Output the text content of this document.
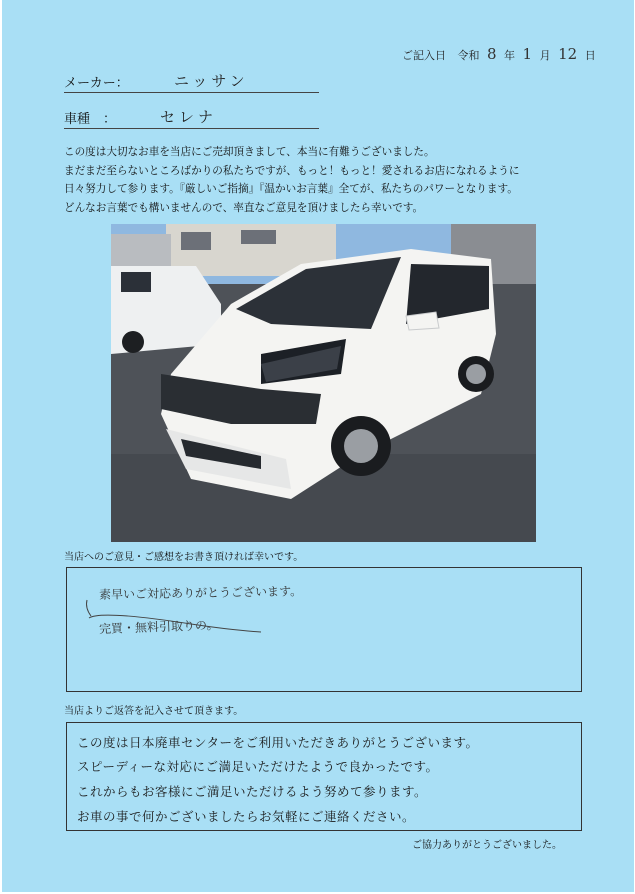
ご記入日 令和 8 年 1 月 12 日
メーカー：	ニッサン
車種　：	セレナ

この度は大切なお車を当店にご売却頂きまして、本当に有難うございました。

まだまだ至らないところばかりの私たちですが、もっと！もっと！愛されるお店になれるように

日々努力して参ります。『厳しいご指摘』『温かいお言葉』全てが、私たちのパワーとなります。

どんなお言葉でも構いませんので、率直なご意見を頂けましたら幸いです。

当店へのご意見・ご感想をお書き頂ければ幸いです。
素早いご対応ありがとうございます。
完買・無料引取りの。
当店よりご返答を記入させて頂きます。
この度は日本廃車センターをご利用いただきありがとうございます。
スピーディーな対応にご満足いただけたようで良かったです。
これからもお客様にご満足いただけるよう努めて参ります。
お車の事で何かございましたらお気軽にご連絡ください。
ご協力ありがとうございました。
